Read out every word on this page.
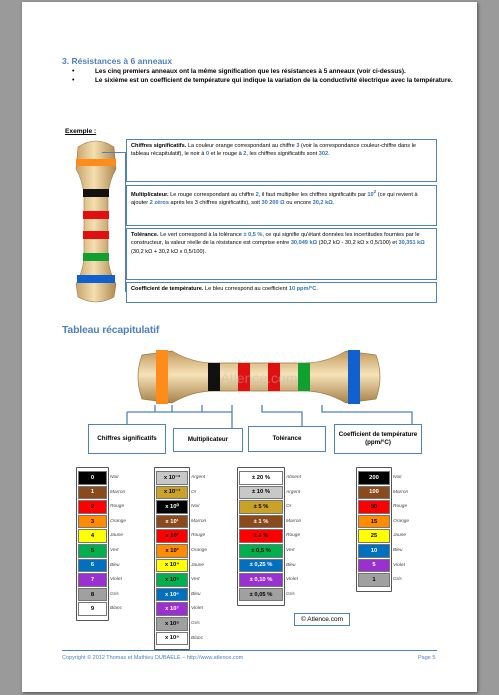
3. Résistances à 6 anneaux
•	Les cinq premiers anneaux ont la même signification que les résistances à 5 anneaux (voir ci-dessus).
•	Le sixième est un coefficient de température qui indique la variation de la conductivité électrique avec la température.
Exemple :
Chiffres significatifs. La couleur orange correspondant au chiffre 3 (voir la correspondance couleur-chiffre dans le tableau récapitulatif), le noir à 0 et le rouge à 2, les chiffres significatifs sont 302.
Multiplicateur. Le rouge correspondant au chiffre 2, il faut multiplier les chiffres significatifs par $10^2$ (ce qui revient à ajouter 2 zéros après les 3 chiffres significatifs), soit 30 200 Ω ou encore 30,2 kΩ.
Tolérance. Le vert correspond à la tolérance ± 0,5 %, ce qui signifie qu'étant données les incertitudes fournies par le constructeur, la valeur réelle de la résistance est comprise entre 30,049 kΩ (30,2 kΩ - 30,2 kΩ x 0,5/100) et 30,351 kΩ (30,2 kΩ + 30,2 kΩ x 0,5/100).
Coefficient de température. Le bleu correspond au coefficient 10 ppm/°C.
Tableau récapitulatif
Atlence.com
Chiffres significatifs	Multiplicateur	Tolérance
Coefficient de température (ppm/°C)
0	Noir
1	Marron
2	Rouge
3	Orange
4	Jaune
5	Vert
6	Bleu
7	Violet
8	Gris
9	Blanc
x 10⁻²	Argent
x 10⁻¹	Or
x 10⁰	Noir
x 10¹	Marron
x 10²	Rouge
x 10³	Orange
x 10⁴	Jaune
x 10⁵	Vert
x 10⁶	Bleu
x 10⁷	Violet
x 10⁸	Gris
x 10⁹	Blanc
± 20 %	Absent
± 10 %	Argent
± 5 %	Or
± 1 %	Marron
± 2 %	Rouge
± 0,5 %	Vert
± 0,25 %	Bleu
± 0,10 %	Violet
± 0,05 %	Gris
200	Noir
100	Marron
50	Rouge
15	Orange
25	Jaune
10	Bleu
5	Violet
1	Gris
© Atlence.com
Copyright © 2012 Thomas et Mathieu DUBAELE – http://www.atlence.com	Page 5
